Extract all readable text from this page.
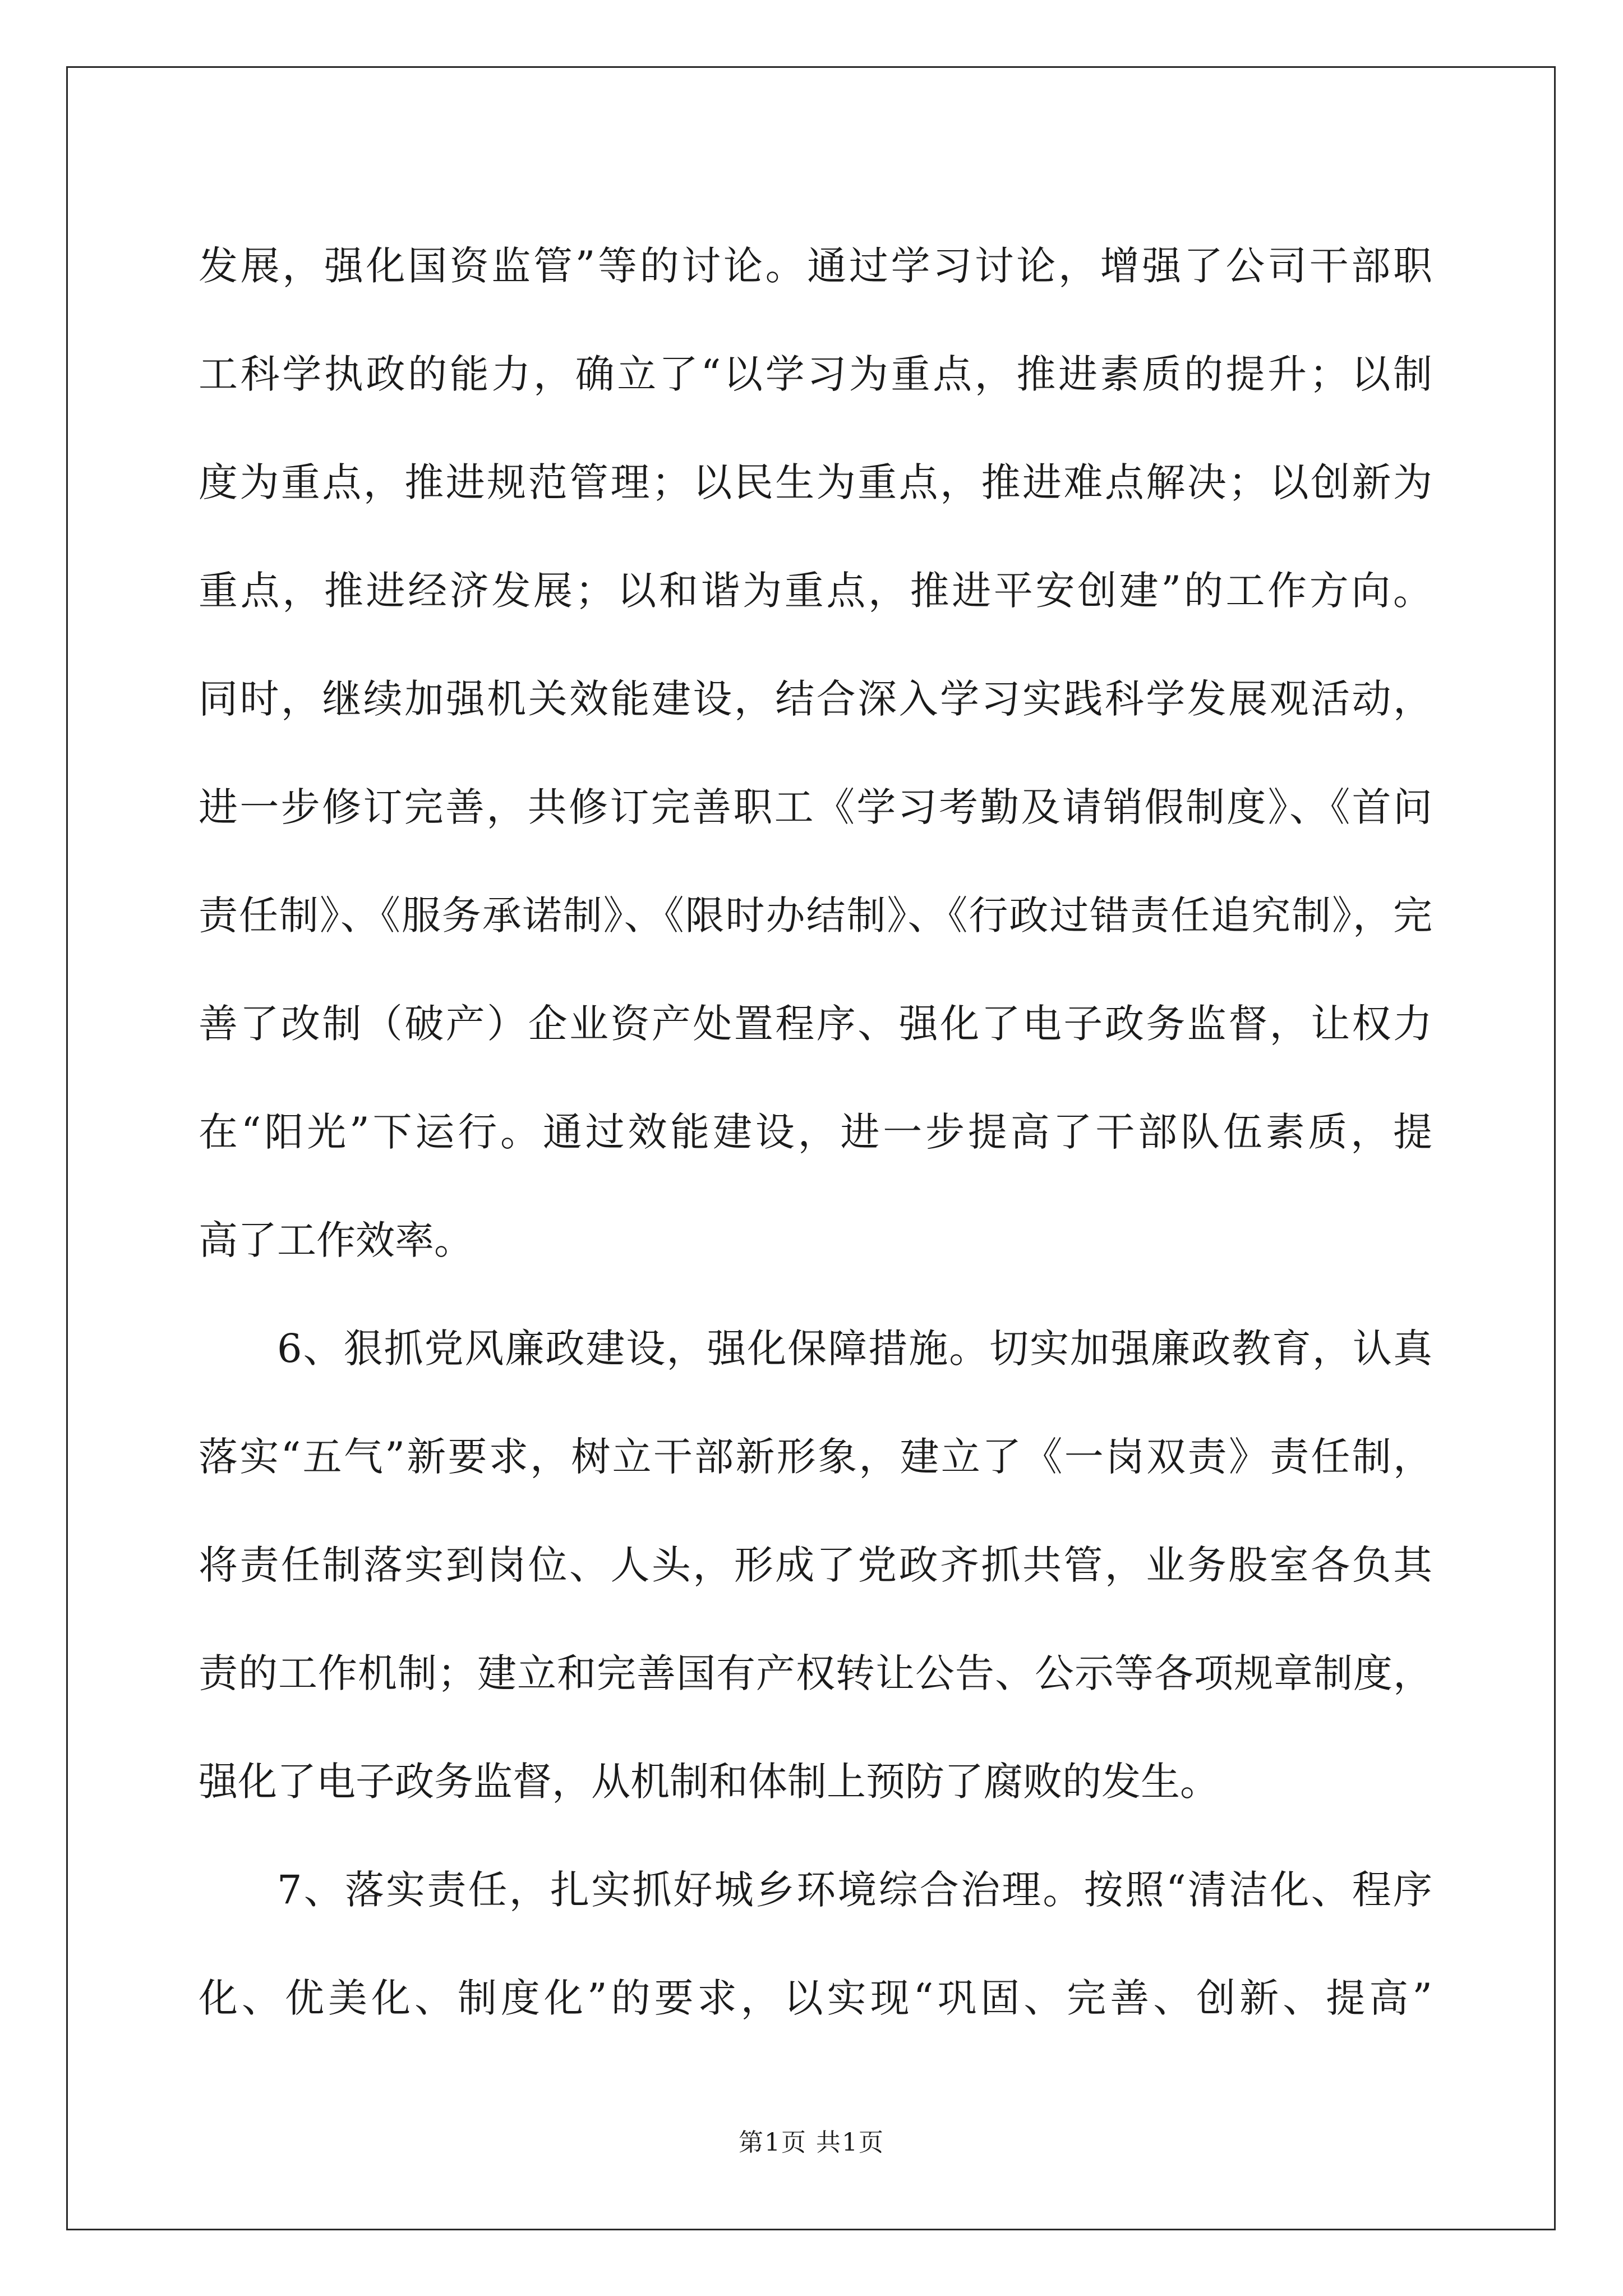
发展，强化国资监管”等的讨论。通过学习讨论，增强了公司干部职
工科学执政的能力，确立了“以学习为重点，推进素质的提升；以制
度为重点，推进规范管理；以民生为重点，推进难点解决；以创新为
重点，推进经济发展；以和谐为重点，推进平安创建”的工作方向。
同时，继续加强机关效能建设，结合深入学习实践科学发展观活动，
进一步修订完善，共修订完善职工《学习考勤及请销假制度》、《首问
责任制》、《服务承诺制》、《限时办结制》、《行政过错责任追究制》，完
善了改制（破产）企业资产处置程序、强化了电子政务监督，让权力
在“阳光”下运行。通过效能建设，进一步提高了干部队伍素质，提
高了工作效率。
6、狠抓党风廉政建设，强化保障措施。切实加强廉政教育，认真
落实“五气”新要求，树立干部新形象，建立了《一岗双责》责任制，
将责任制落实到岗位、人头，形成了党政齐抓共管，业务股室各负其
责的工作机制；建立和完善国有产权转让公告、公示等各项规章制度，
强化了电子政务监督，从机制和体制上预防了腐败的发生。
7、落实责任，扎实抓好城乡环境综合治理。按照“清洁化、程序
化、优美化、制度化”的要求，以实现“巩固、完善、创新、提高”
第1页 共1页
